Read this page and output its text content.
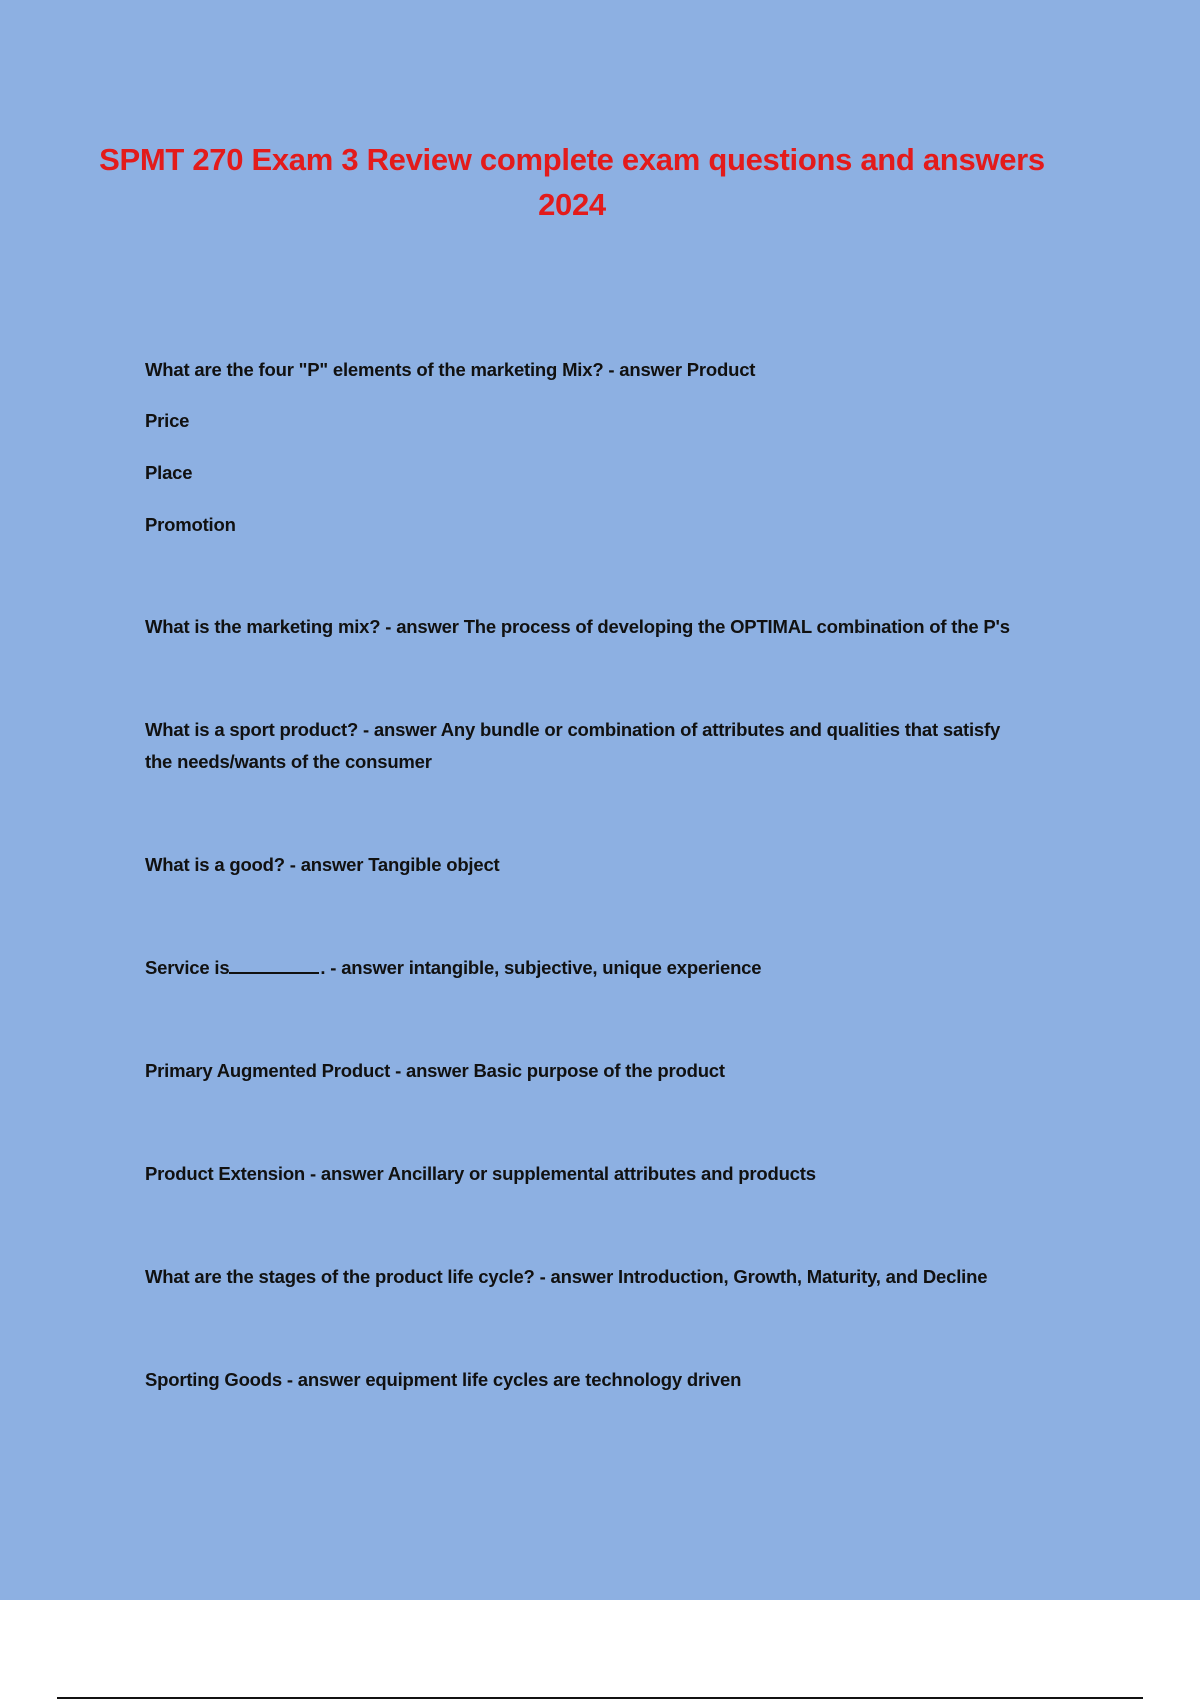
SPMT 270 Exam 3 Review complete exam questions and answers
2024
What are the four "P" elements of the marketing Mix? - answer Product
Price
Place
Promotion
What is the marketing mix? - answer The process of developing the OPTIMAL combination of the P's
What is a sport product? - answer Any bundle or combination of attributes and qualities that satisfy
the needs/wants of the consumer
What is a good? - answer Tangible object
Service is	. - answer intangible, subjective, unique experience
Primary Augmented Product - answer Basic purpose of the product
Product Extension - answer Ancillary or supplemental attributes and products
What are the stages of the product life cycle? - answer Introduction, Growth, Maturity, and Decline
Sporting Goods - answer equipment life cycles are technology driven
